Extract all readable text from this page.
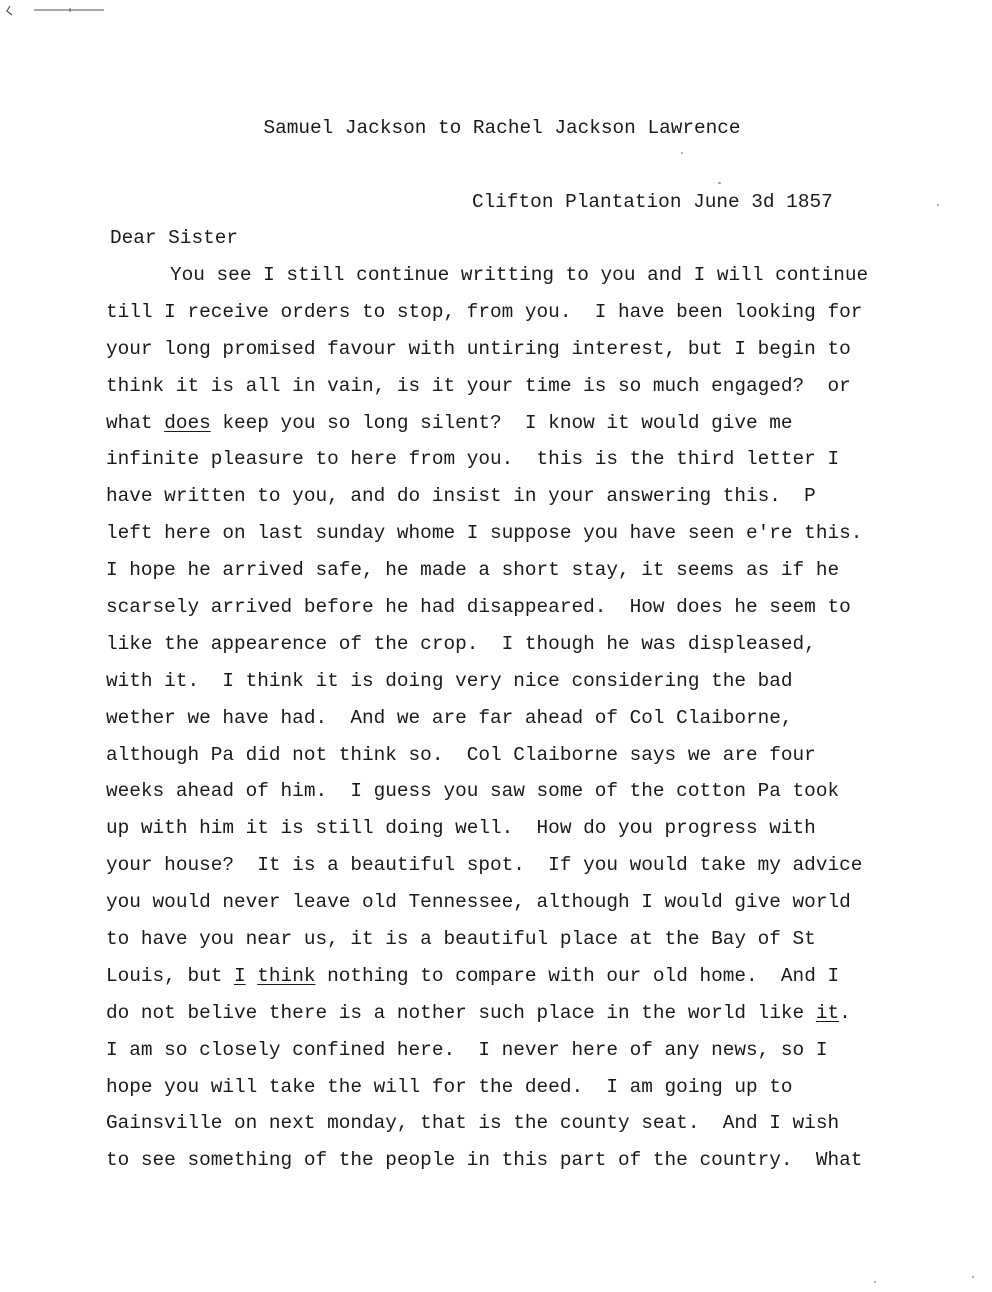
Samuel Jackson to Rachel Jackson Lawrence
Clifton Plantation June 3d 1857
Dear Sister
You see I still continue writting to you and I will continue
till I receive orders to stop, from you.  I have been looking for
your long promised favour with untiring interest, but I begin to
think it is all in vain, is it your time is so much engaged?  or
what does keep you so long silent?  I know it would give me
infinite pleasure to here from you.  this is the third letter I
have written to you, and do insist in your answering this.  P
left here on last sunday whome I suppose you have seen e're this.
I hope he arrived safe, he made a short stay, it seems as if he
scarsely arrived before he had disappeared.  How does he seem to
like the appearence of the crop.  I though he was displeased,
with it.  I think it is doing very nice considering the bad
wether we have had.  And we are far ahead of Col Claiborne,
although Pa did not think so.  Col Claiborne says we are four
weeks ahead of him.  I guess you saw some of the cotton Pa took
up with him it is still doing well.  How do you progress with
your house?  It is a beautiful spot.  If you would take my advice
you would never leave old Tennessee, although I would give world
to have you near us, it is a beautiful place at the Bay of St
Louis, but I think nothing to compare with our old home.  And I
do not belive there is a nother such place in the world like it.
I am so closely confined here.  I never here of any news, so I
hope you will take the will for the deed.  I am going up to
Gainsville on next monday, that is the county seat.  And I wish
to see something of the people in this part of the country.  What
